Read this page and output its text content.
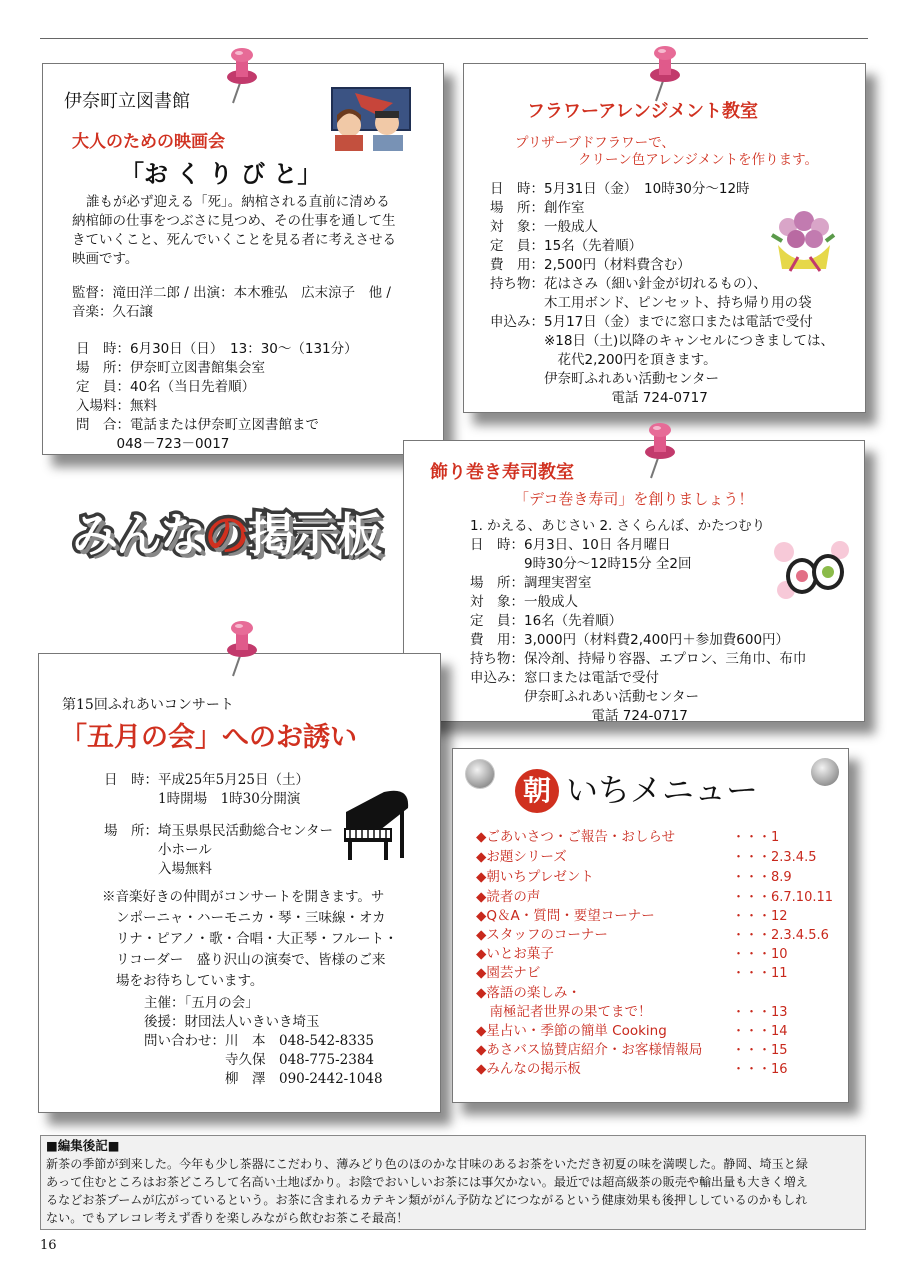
伊奈町立図書館
大人のための映画会
「お く り び と」
誰もが必ず迎える「死」。納棺される直前に清める
納棺師の仕事をつぶさに見つめ、その仕事を通して生
きていくこと、死んでいくことを見る者に考えさせる
映画です。
監督：滝田洋二郎 / 出演：本木雅弘　広末涼子　他 /
音楽：久石譲
日　時：6月30日（日）　13：30～（131分）
場　所：伊奈町立図書館集会室
定　員：40名（当日先着順）
入場料：無料
問　合：電話または伊奈町立図書館まで
　　　048－723－0017
フラワーアレンジメント教室
プリザーブドフラワーで、
クリーン色アレンジメントを作ります。
日　時：5月31日（金）　10時30分～12時
場　所：創作室
対　象：一般成人
定　員：15名（先着順）
費　用：2,500円（材料費含む）
持ち物：花はさみ（細い針金が切れるもの）、
　　　　木工用ボンド、ピンセット、持ち帰り用の袋
申込み：5月17日（金）までに窓口または電話で受付
　　　　※18日（土)以降のキャンセルにつきましては、
　　　　　花代2,200円を頂きます。
　　　　伊奈町ふれあい活動センター
　　　　　　　　　電話 724-0717
飾り巻き寿司教室
「デコ巻き寿司」を創りましょう！
1. かえる、あじさい 2. さくらんぼ、かたつむり
日　時：6月3日、10日 各月曜日
　　　　9時30分～12時15分 全2回
場　所：調理実習室
対　象：一般成人
定　員：16名（先着順）
費　用：3,000円（材料費2,400円＋参加費600円）
持ち物：保冷剤、持帰り容器、エプロン、三角巾、布巾
申込み：窓口または電話で受付
　　　　伊奈町ふれあい活動センター
　　　　　　　　　電話 724-0717
みんなの掲示板
第15回ふれあいコンサート
「五月の会」へのお誘い
日　時：平成25年5月25日（土）
　　　　1時開場　1時30分開演
場　所：埼玉県県民活動総合センター
　　　　小ホール
　　　　入場無料
※音楽好きの仲間がコンサートを開きます。サ
ンポーニャ・ハーモニカ・琴・三味線・オカ
リナ・ピアノ・歌・合唱・大正琴・フルート・
リコーダー　盛り沢山の演奏で、皆様のご来
場をお待ちしています。
主催：「五月の会」
後援：財団法人いきいき埼玉
問い合わせ：川　本　048-542-8335
　　　　　　寺久保　048-775-2384
　　　　　　柳　澤　090-2442-1048
朝 いちメニュー
◆ごあいさつ・ご報告・おしらせ	・・・1
◆お題シリーズ	・・・2.3.4.5
◆朝いちプレゼント	・・・8.9
◆読者の声	・・・6.7.10.11
◆Q＆A・質問・要望コーナー	・・・12
◆スタッフのコーナー	・・・2.3.4.5.6
◆いとお菓子	・・・10
◆園芸ナビ	・・・11
◆落語の楽しみ・
　南極記者世界の果てまで！	・・・13
◆星占い・季節の簡単 Cooking	・・・14
◆あさバス協賛店紹介・お客様情報局 ・・・15
◆みんなの掲示板	・・・16
■編集後記■
新茶の季節が到来した。今年も少し茶器にこだわり、薄みどり色のほのかな甘味のあるお茶をいただき初夏の味を満喫した。静岡、埼玉と緑
あって住むところはお茶どころして名高い土地ばかり。お陰でおいしいお茶には事欠かない。最近では超高級茶の販売や輸出量も大きく増え
るなどお茶ブームが広がっているという。お茶に含まれるカテキン類ががん予防などにつながるという健康効果も後押ししているのかもしれ
ない。でもアレコレ考えず香りを楽しみながら飲むお茶こそ最高！
16
